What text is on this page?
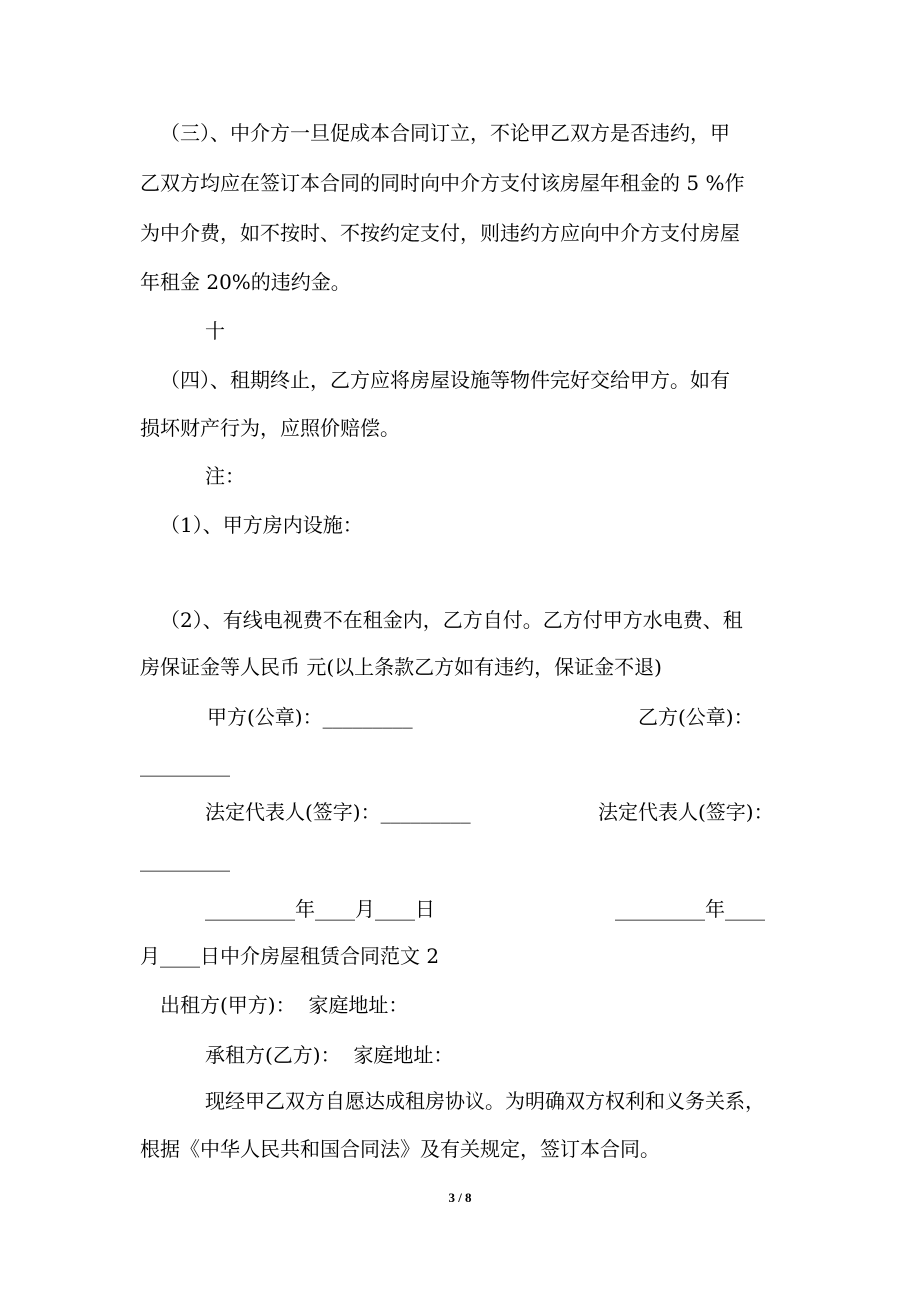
（三）、中介方一旦促成本合同订立，不论甲乙双方是否违约，甲

乙双方均应在签订本合同的同时向中介方支付该房屋年租金的 5 %作

为中介费，如不按时、不按约定支付，则违约方应向中介方支付房屋

年租金 20%的违约金。

十

（四）、租期终止，乙方应将房屋设施等物件完好交给甲方。如有

损坏财产行为，应照价赔偿。

注：

（1）、甲方房内设施：

（2）、有线电视费不在租金内，乙方自付。乙方付甲方水电费、租

房保证金等人民币 元(以上条款乙方如有违约，保证金不退)

甲方(公章)：_________

	乙方(公章)：

_________

法定代表人(签字)：_________

	法定代表人(签字)：

_________

_________年____月____日

	_________年____

月____日中介房屋租赁合同范文 2

出租方(甲方)：  家庭地址：

承租方(乙方)：  家庭地址：

现经甲乙双方自愿达成租房协议。为明确双方权利和义务关系，

根据《中华人民共和国合同法》及有关规定，签订本合同。

3 / 8
